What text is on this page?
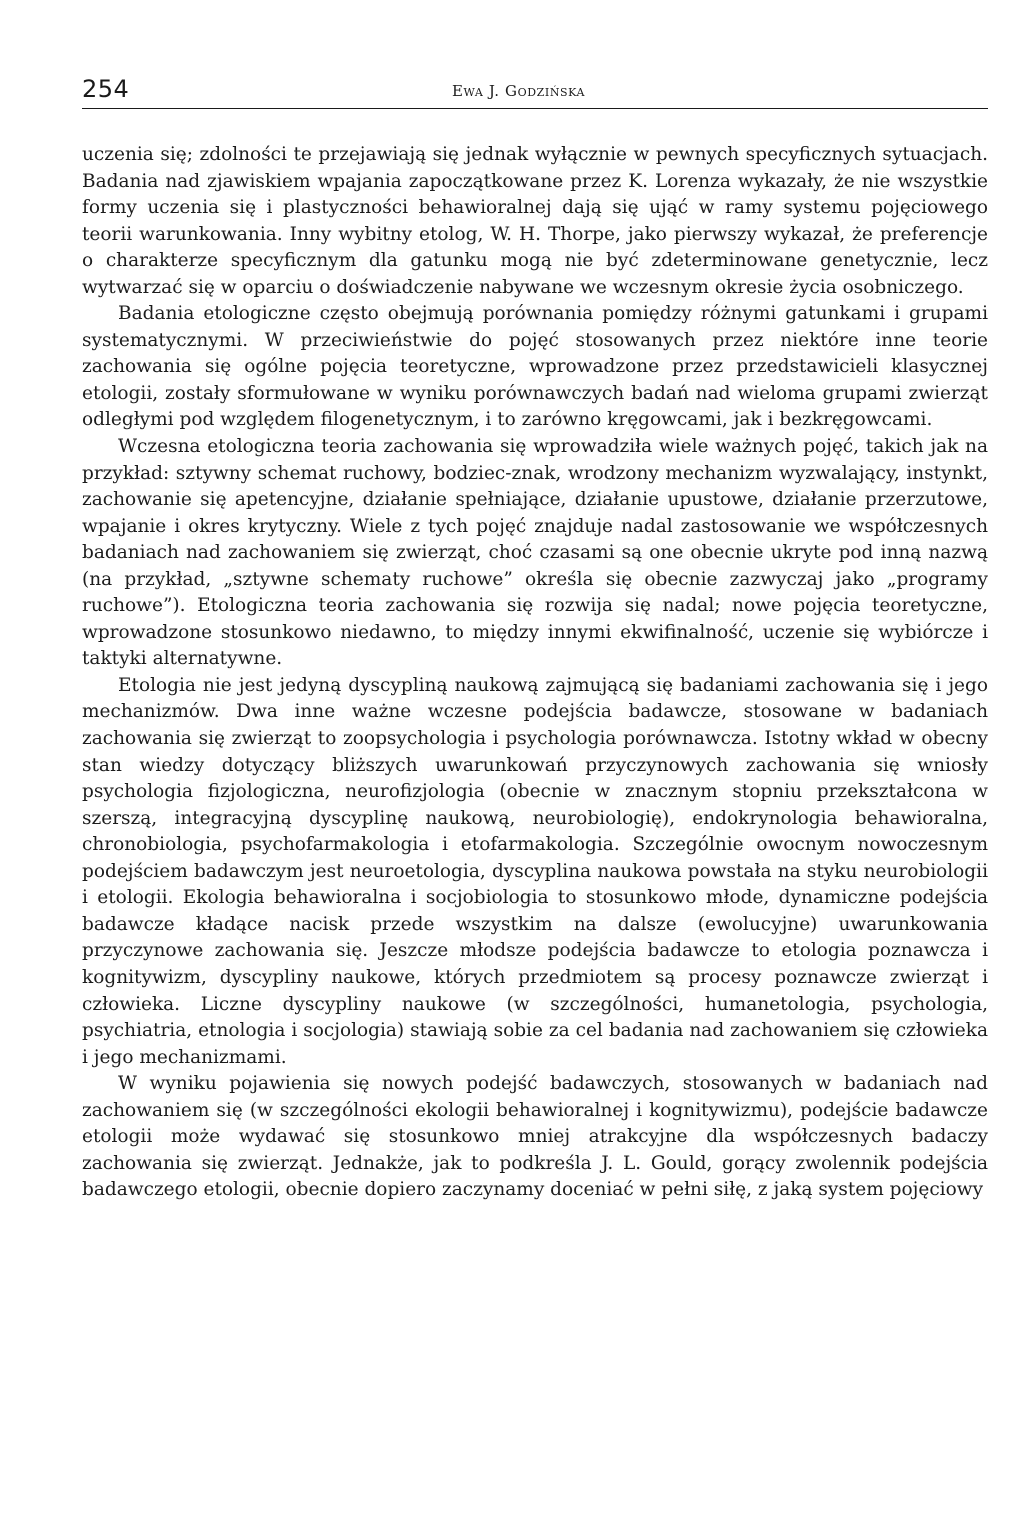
254	Ewa J. Godzińska

uczenia się; zdolności te przejawiają się jednak wyłącznie w pewnych specyficznych sytuacjach. Badania nad zjawiskiem wpajania zapoczątkowane przez K. Lorenza wykazały, że nie wszystkie formy uczenia się i plastyczności behawioralnej dają się ująć w ramy systemu pojęciowego teorii warunkowania. Inny wybitny etolog, W. H. Thorpe, jako pierwszy wykazał, że preferencje o charakterze specyficznym dla gatunku mogą nie być zdeterminowane genetycznie, lecz wytwarzać się w oparciu o doświadczenie nabywane we wczesnym okresie życia osobniczego.

Badania etologiczne często obejmują porównania pomiędzy różnymi gatunkami i grupami systematycznymi. W przeciwieństwie do pojęć stosowanych przez niektóre inne teorie zachowania się ogólne pojęcia teoretyczne, wprowadzone przez przedstawicieli klasycznej etologii, zostały sformułowane w wyniku porównawczych badań nad wieloma grupami zwierząt odległymi pod względem filogenetycznym, i to zarówno kręgowcami, jak i bezkręgowcami.

Wczesna etologiczna teoria zachowania się wprowadziła wiele ważnych pojęć, takich jak na przykład: sztywny schemat ruchowy, bodziec-znak, wrodzony mechanizm wyzwalający, instynkt, zachowanie się apetencyjne, działanie spełniające, działanie upustowe, działanie przerzutowe, wpajanie i okres krytyczny. Wiele z tych pojęć znajduje nadal zastosowanie we współczesnych badaniach nad zachowaniem się zwierząt, choć czasami są one obecnie ukryte pod inną nazwą (na przykład, „sztywne schematy ruchowe” określa się obecnie zazwyczaj jako „programy ruchowe”). Etologiczna teoria zachowania się rozwija się nadal; nowe pojęcia teoretyczne, wprowadzone stosunkowo niedawno, to między innymi ekwifinalność, uczenie się wybiórcze i taktyki alternatywne.

Etologia nie jest jedyną dyscypliną naukową zajmującą się badaniami zachowania się i jego mechanizmów. Dwa inne ważne wczesne podejścia badawcze, stosowane w badaniach zachowania się zwierząt to zoopsychologia i psychologia porównawcza. Istotny wkład w obecny stan wiedzy dotyczący bliższych uwarunkowań przyczynowych zachowania się wniosły psychologia fizjologiczna, neurofizjologia (obecnie w znacznym stopniu przekształcona w szerszą, integracyjną dyscyplinę naukową, neurobiologię), endokrynologia behawioralna, chronobiologia, psychofarmakologia i etofarmakologia. Szczególnie owocnym nowoczesnym podejściem badawczym jest neuroetologia, dyscyplina naukowa powstała na styku neurobiologii i etologii. Ekologia behawioralna i socjobiologia to stosunkowo młode, dynamiczne podejścia badawcze kładące nacisk przede wszystkim na dalsze (ewolucyjne) uwarunkowania przyczynowe zachowania się. Jeszcze młodsze podejścia badawcze to etologia poznawcza i kognitywizm, dyscypliny naukowe, których przedmiotem są procesy poznawcze zwierząt i człowieka. Liczne dyscypliny naukowe (w szczególności, humanetologia, psychologia, psychiatria, etnologia i socjologia) stawiają sobie za cel badania nad zachowaniem się człowieka i jego mechanizmami.

W wyniku pojawienia się nowych podejść badawczych, stosowanych w badaniach nad zachowaniem się (w szczególności ekologii behawioralnej i kognitywizmu), podejście badawcze etologii może wydawać się stosunkowo mniej atrakcyjne dla współczesnych badaczy zachowania się zwierząt. Jednakże, jak to podkreśla J. L. Gould, gorący zwolennik podejścia badawczego etologii, obecnie dopiero zaczynamy doceniać w pełni siłę, z jaką system pojęciowy
